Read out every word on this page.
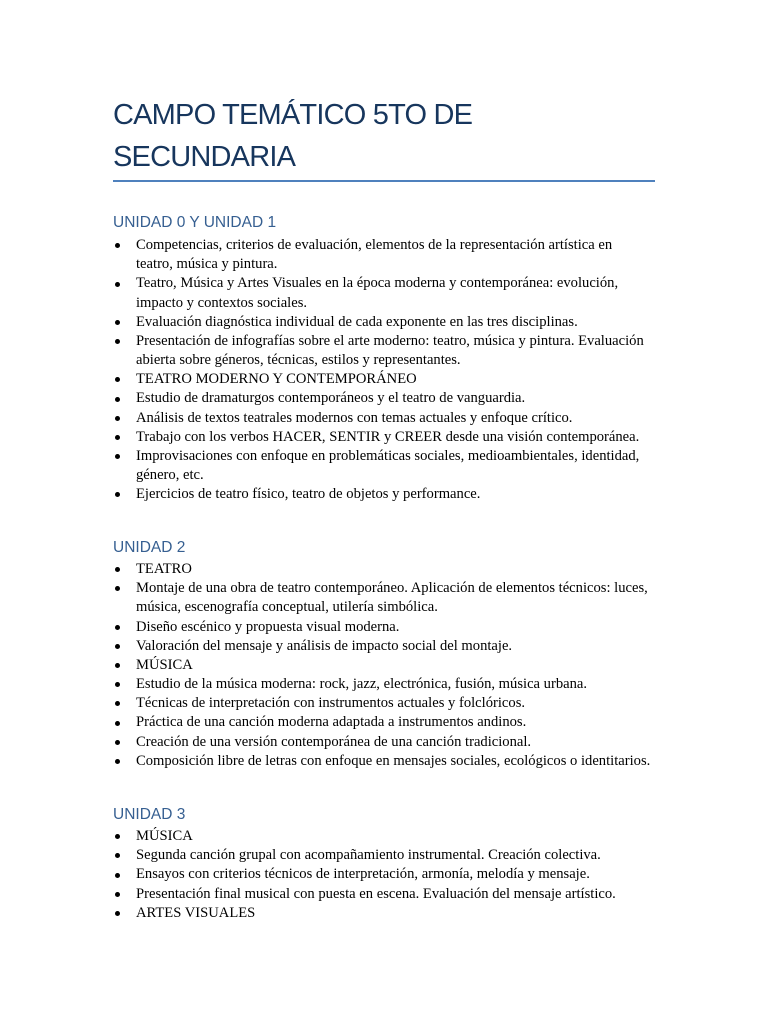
CAMPO TEMÁTICO 5TO DE SECUNDARIA
UNIDAD 0 Y UNIDAD 1
Competencias, criterios de evaluación, elementos de la representación artística en teatro, música y pintura.
Teatro, Música y Artes Visuales en la época moderna y contemporánea: evolución, impacto y contextos sociales.
Evaluación diagnóstica individual de cada exponente en las tres disciplinas.
Presentación de infografías sobre el arte moderno: teatro, música y pintura. Evaluación abierta sobre géneros, técnicas, estilos y representantes.
TEATRO MODERNO Y CONTEMPORÁNEO
Estudio de dramaturgos contemporáneos y el teatro de vanguardia.
Análisis de textos teatrales modernos con temas actuales y enfoque crítico.
Trabajo con los verbos HACER, SENTIR y CREER desde una visión contemporánea.
Improvisaciones con enfoque en problemáticas sociales, medioambientales, identidad, género, etc.
Ejercicios de teatro físico, teatro de objetos y performance.
UNIDAD 2
TEATRO
Montaje de una obra de teatro contemporáneo. Aplicación de elementos técnicos: luces, música, escenografía conceptual, utilería simbólica.
Diseño escénico y propuesta visual moderna.
Valoración del mensaje y análisis de impacto social del montaje.
MÚSICA
Estudio de la música moderna: rock, jazz, electrónica, fusión, música urbana.
Técnicas de interpretación con instrumentos actuales y folclóricos.
Práctica de una canción moderna adaptada a instrumentos andinos.
Creación de una versión contemporánea de una canción tradicional.
Composición libre de letras con enfoque en mensajes sociales, ecológicos o identitarios.
UNIDAD 3
MÚSICA
Segunda canción grupal con acompañamiento instrumental. Creación colectiva.
Ensayos con criterios técnicos de interpretación, armonía, melodía y mensaje.
Presentación final musical con puesta en escena. Evaluación del mensaje artístico.
ARTES VISUALES
